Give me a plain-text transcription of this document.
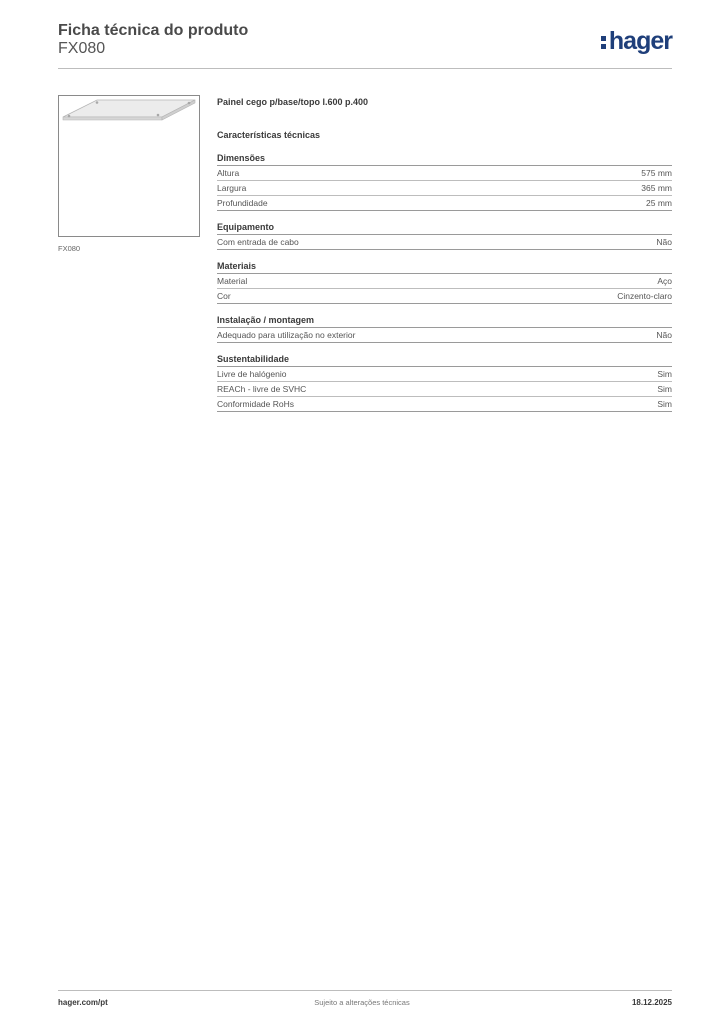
Ficha técnica do produto
FX080	hager
FX080
Painel cego p/base/topo l.600 p.400
Características técnicas
Dimensões
Altura	575 mm
Largura	365 mm
Profundidade	25 mm
Equipamento
Com entrada de cabo	Não
Materiais
Material	Aço
Cor	Cinzento-claro
Instalação / montagem
Adequado para utilização no exterior	Não
Sustentabilidade
Livre de halógenio	Sim
REACh - livre de SVHC	Sim
Conformidade RoHs	Sim
hager.com/pt	Sujeito a alterações técnicas	18.12.2025
